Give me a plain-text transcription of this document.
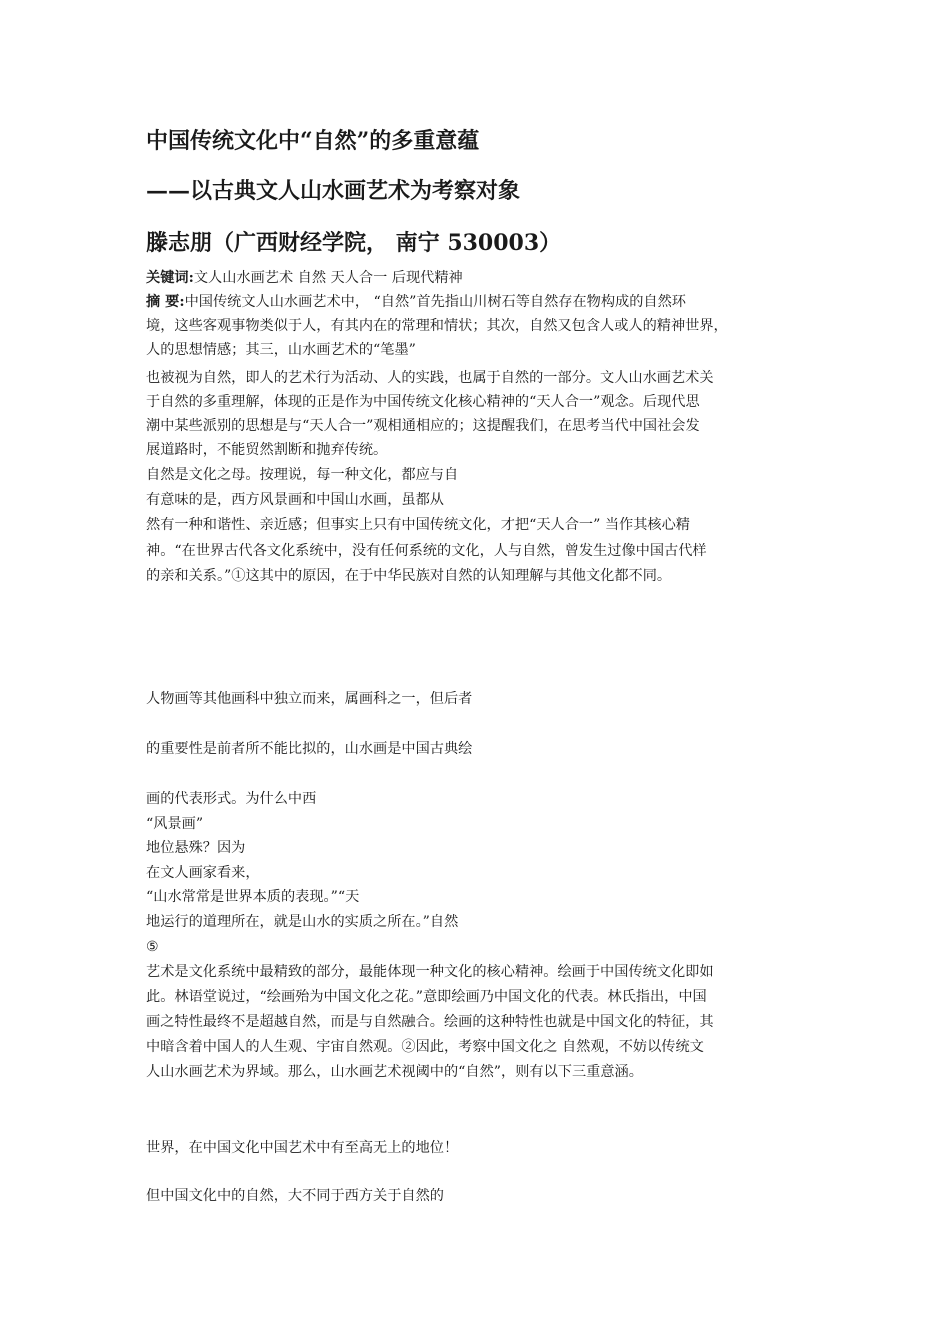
中国传统文化中“自然”的多重意蕴
——以古典文人山水画艺术为考察对象
滕志朋（广西财经学院， 南宁 530003）
关键词:文人山水画艺术 自然 天人合一 后现代精神
摘 要:中国传统文人山水画艺术中， “自然”首先指山川树石等自然存在物构成的自然环
境，这些客观事物类似于人，有其内在的常理和情状；其次，自然又包含人或人的精神世界，
人的思想情感；其三，山水画艺术的“笔墨”
也被视为自然，即人的艺术行为活动、人的实践，也属于自然的一部分。文人山水画艺术关
于自然的多重理解，体现的正是作为中国传统文化核心精神的“天人合一”观念。后现代思
潮中某些派别的思想是与“天人合一”观相通相应的；这提醒我们，在思考当代中国社会发
展道路时，不能贸然割断和抛弃传统。
自然是文化之母。按理说，每一种文化，都应与自
有意味的是，西方风景画和中国山水画，虽都从
然有一种和谐性、亲近感；但事实上只有中国传统文化，才把“天人合一” 当作其核心精
神。“在世界古代各文化系统中，没有任何系统的文化，人与自然，曾发生过像中国古代样
的亲和关系。”①这其中的原因，在于中华民族对自然的认知理解与其他文化都不同。
人物画等其他画科中独立而来，属画科之一，但后者
的重要性是前者所不能比拟的，山水画是中国古典绘
画的代表形式。为什么中西
“风景画”
地位悬殊？因为
在文人画家看来，
“山水常常是世界本质的表现。”“天
地运行的道理所在，就是山水的实质之所在。”自然
⑤
艺术是文化系统中最精致的部分，最能体现一种文化的核心精神。绘画于中国传统文化即如
此。林语堂说过，“绘画殆为中国文化之花。”意即绘画乃中国文化的代表。林氏指出，中国
画之特性最终不是超越自然，而是与自然融合。绘画的这种特性也就是中国文化的特征，其
中暗含着中国人的人生观、宇宙自然观。②因此，考察中国文化之 自然观，不妨以传统文
人山水画艺术为界域。那么，山水画艺术视阈中的“自然”，则有以下三重意涵。
世界，在中国文化中国艺术中有至高无上的地位！
但中国文化中的自然，大不同于西方关于自然的
